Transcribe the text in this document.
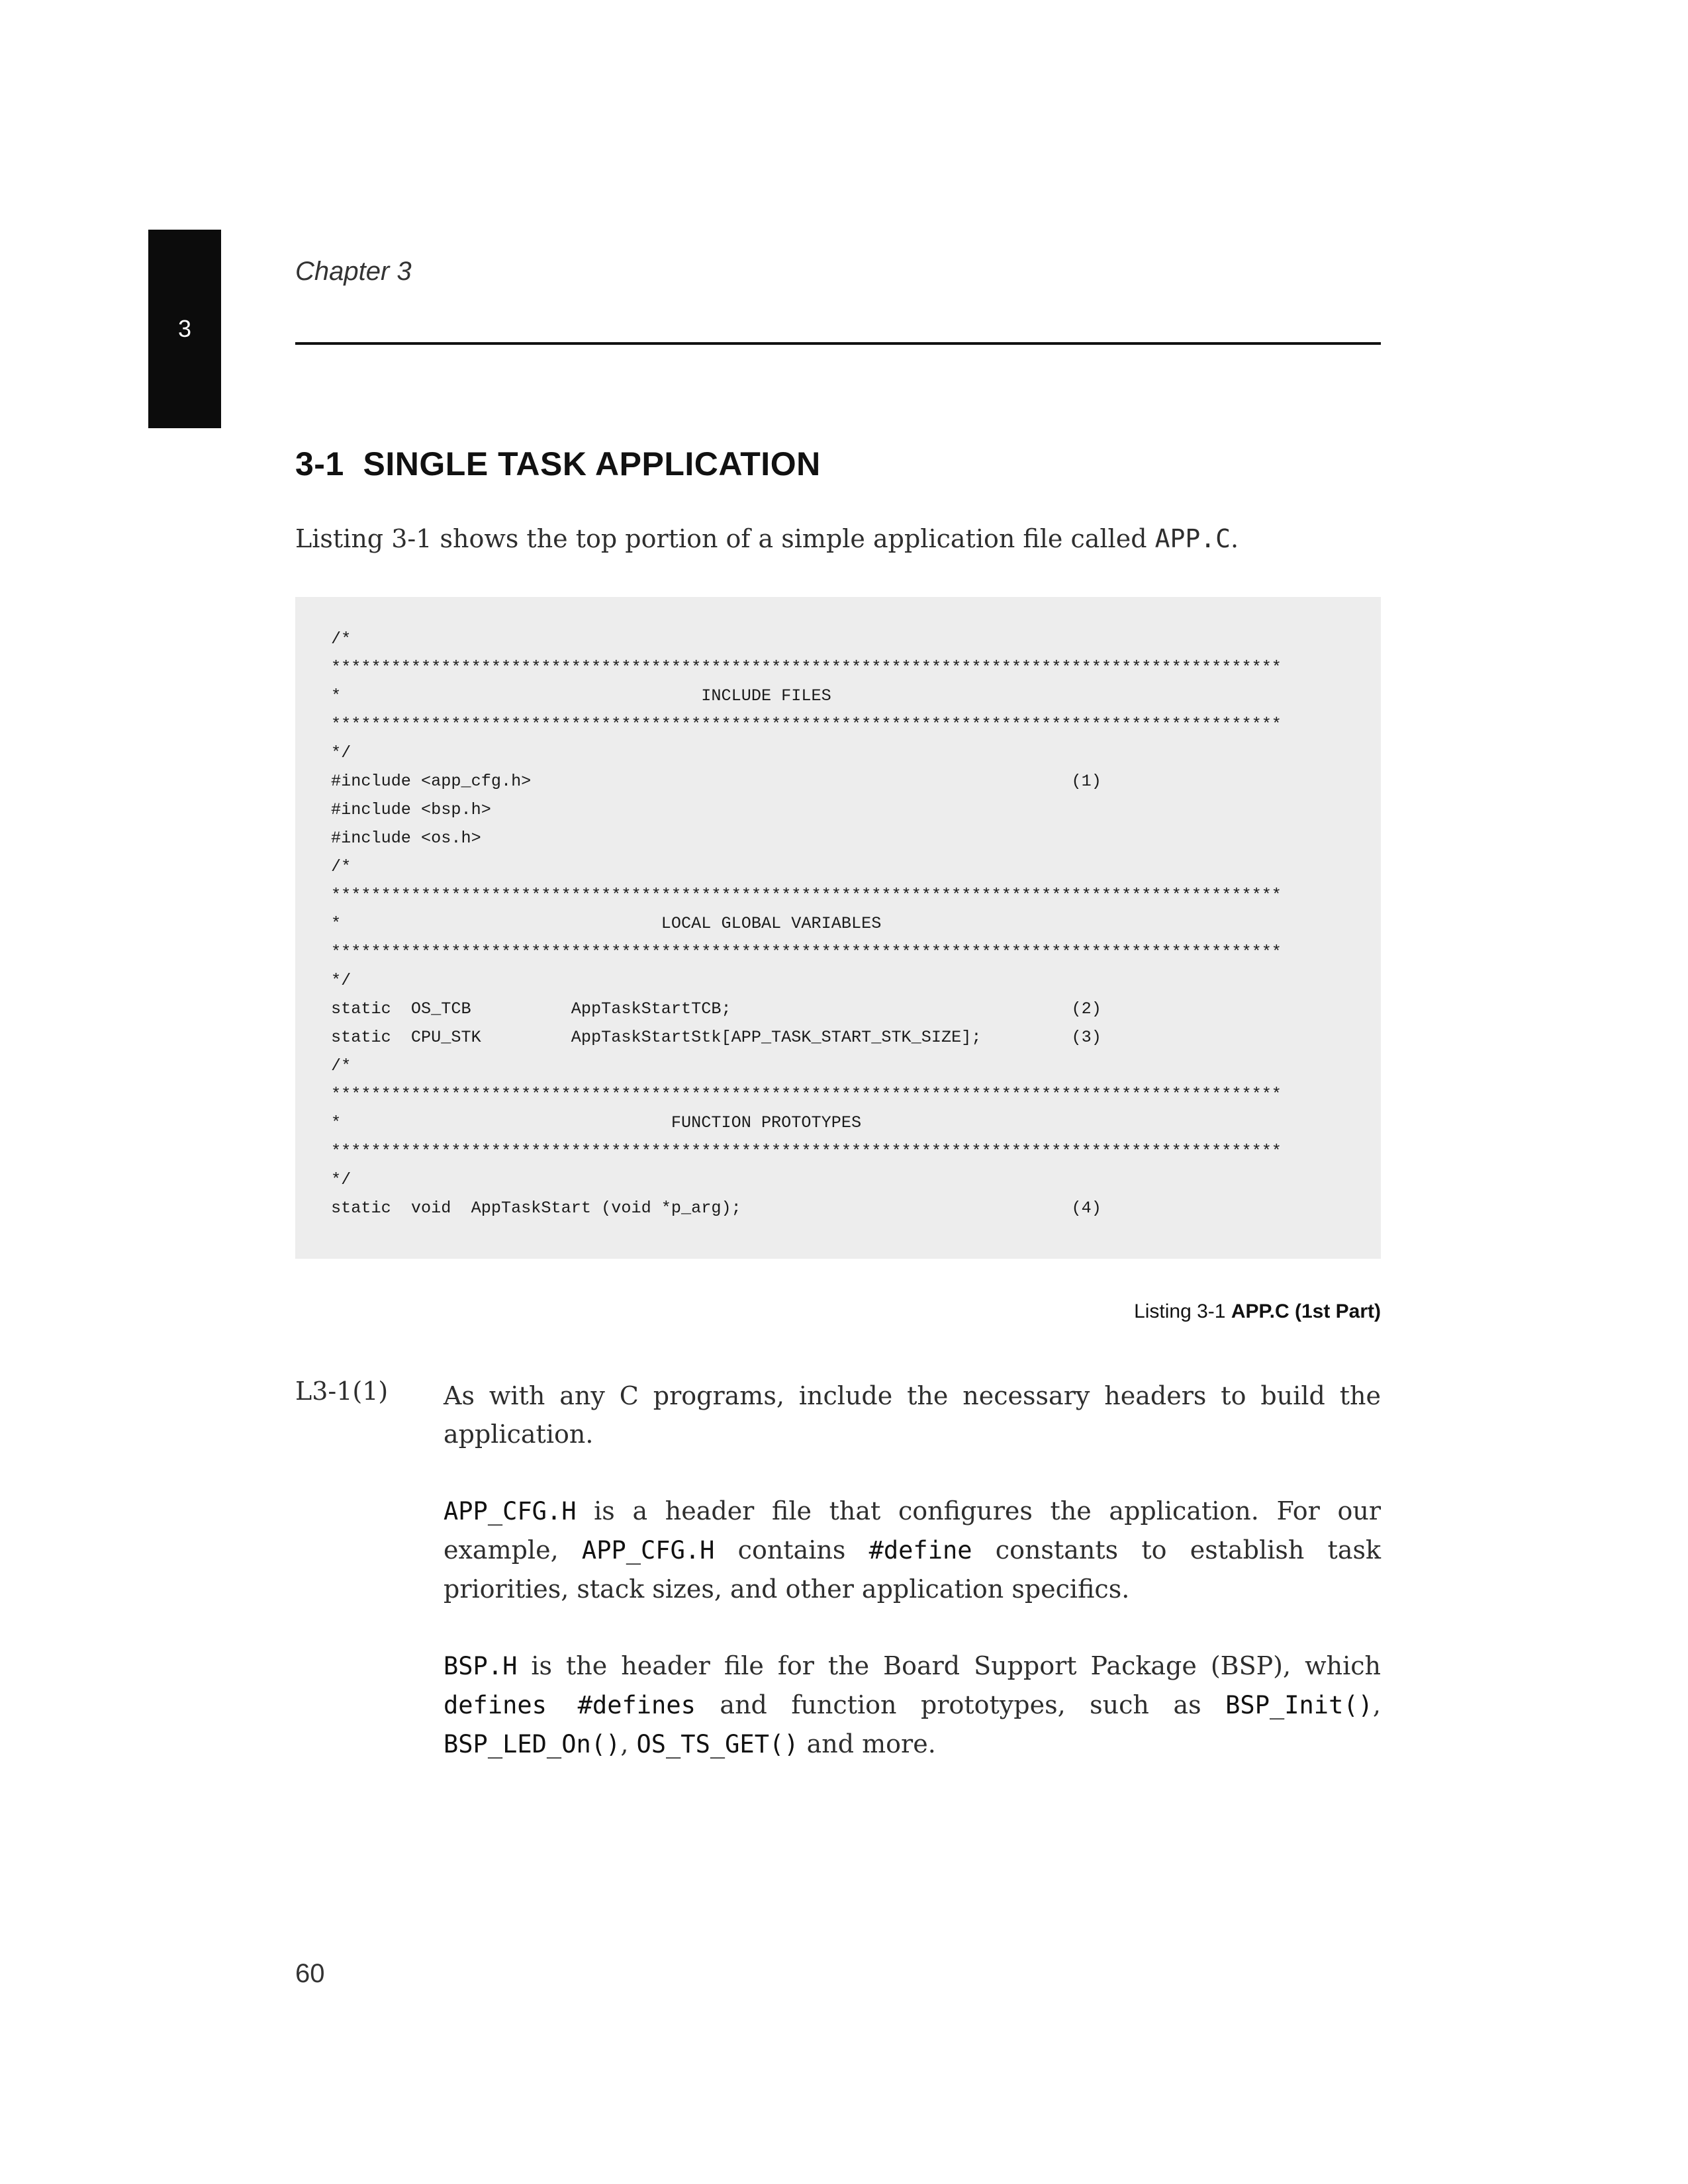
3
Chapter 3
3-1  SINGLE TASK APPLICATION
Listing 3-1 shows the top portion of a simple application file called APP.C.
/*
***********************************************************************************************
*                                    INCLUDE FILES
***********************************************************************************************
*/
#include <app_cfg.h>                                                      (1)
#include <bsp.h>
#include <os.h>
/*
***********************************************************************************************
*                                LOCAL GLOBAL VARIABLES
***********************************************************************************************
*/
static  OS_TCB          AppTaskStartTCB;                                  (2)
static  CPU_STK         AppTaskStartStk[APP_TASK_START_STK_SIZE];         (3)
/*
***********************************************************************************************
*                                 FUNCTION PROTOTYPES
***********************************************************************************************
*/
static  void  AppTaskStart (void *p_arg);                                 (4)
Listing 3-1 APP.C (1st Part)
L3-1(1) As with any C programs, include the necessary headers to build the application.

APP_CFG.H is a header file that configures the application. For our example, APP_CFG.H contains #define constants to establish task priorities, stack sizes, and other application specifics.

BSP.H is the header file for the Board Support Package (BSP), which defines #defines and function prototypes, such as BSP_Init(), BSP_LED_On(), OS_TS_GET() and more.

60
